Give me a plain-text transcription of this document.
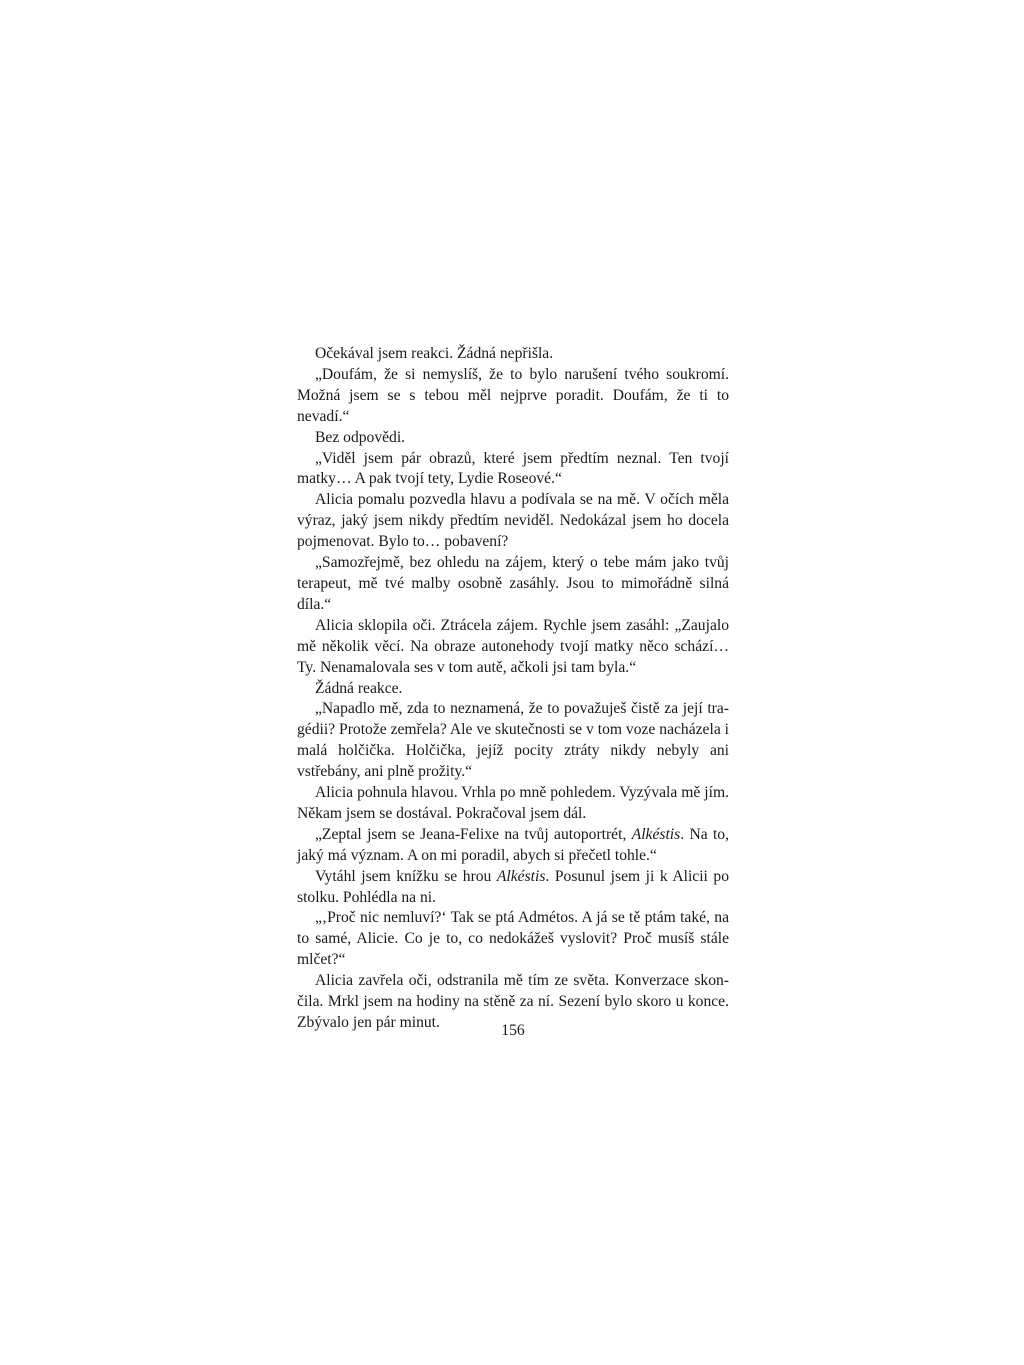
Očekával jsem reakci. Žádná nepřišla.

„Doufám, že si nemyslíš, že to bylo narušení tvého soukromí. Možná jsem se s tebou měl nejprve poradit. Doufám, že ti to nevadí.“

Bez odpovědi.

„Viděl jsem pár obrazů, které jsem předtím neznal. Ten tvojí matky… A pak tvojí tety, Lydie Roseové.“

Alicia pomalu pozvedla hlavu a podívala se na mě. V očích měla výraz, jaký jsem nikdy předtím neviděl. Nedokázal jsem ho docela pojmenovat. Bylo to… pobavení?

„Samozřejmě, bez ohledu na zájem, který o tebe mám jako tvůj terapeut, mě tvé malby osobně zasáhly. Jsou to mimořádně silná díla.“

Alicia sklopila oči. Ztrácela zájem. Rychle jsem zasáhl: „Zaujalo mě několik věcí. Na obraze autonehody tvojí matky něco schází… Ty. Nenamalovala ses v tom autě, ačkoli jsi tam byla.“

Žádná reakce.

„Napadlo mě, zda to neznamená, že to považuješ čistě za její tragédii? Protože zemřela? Ale ve skutečnosti se v tom voze nacházela i malá holčička. Holčička, jejíž pocity ztráty nikdy nebyly ani vstřebány, ani plně prožity.“

Alicia pohnula hlavou. Vrhla po mně pohledem. Vyzývala mě jím. Někam jsem se dostával. Pokračoval jsem dál.

„Zeptal jsem se Jeana-Felixe na tvůj autoportrét, Alkéstis. Na to, jaký má význam. A on mi poradil, abych si přečetl tohle.“

Vytáhl jsem knížku se hrou Alkéstis. Posunul jsem ji k Alicii po stolku. Pohlédla na ni.

„‚Proč nic nemluví?‘ Tak se ptá Admétos. A já se tě ptám také, na to samé, Alicie. Co je to, co nedokážeš vyslovit? Proč musíš stále mlčet?“

Alicia zavřela oči, odstranila mě tím ze světa. Konverzace skončila. Mrkl jsem na hodiny na stěně za ní. Sezení bylo skoro u konce. Zbývalo jen pár minut.	156
